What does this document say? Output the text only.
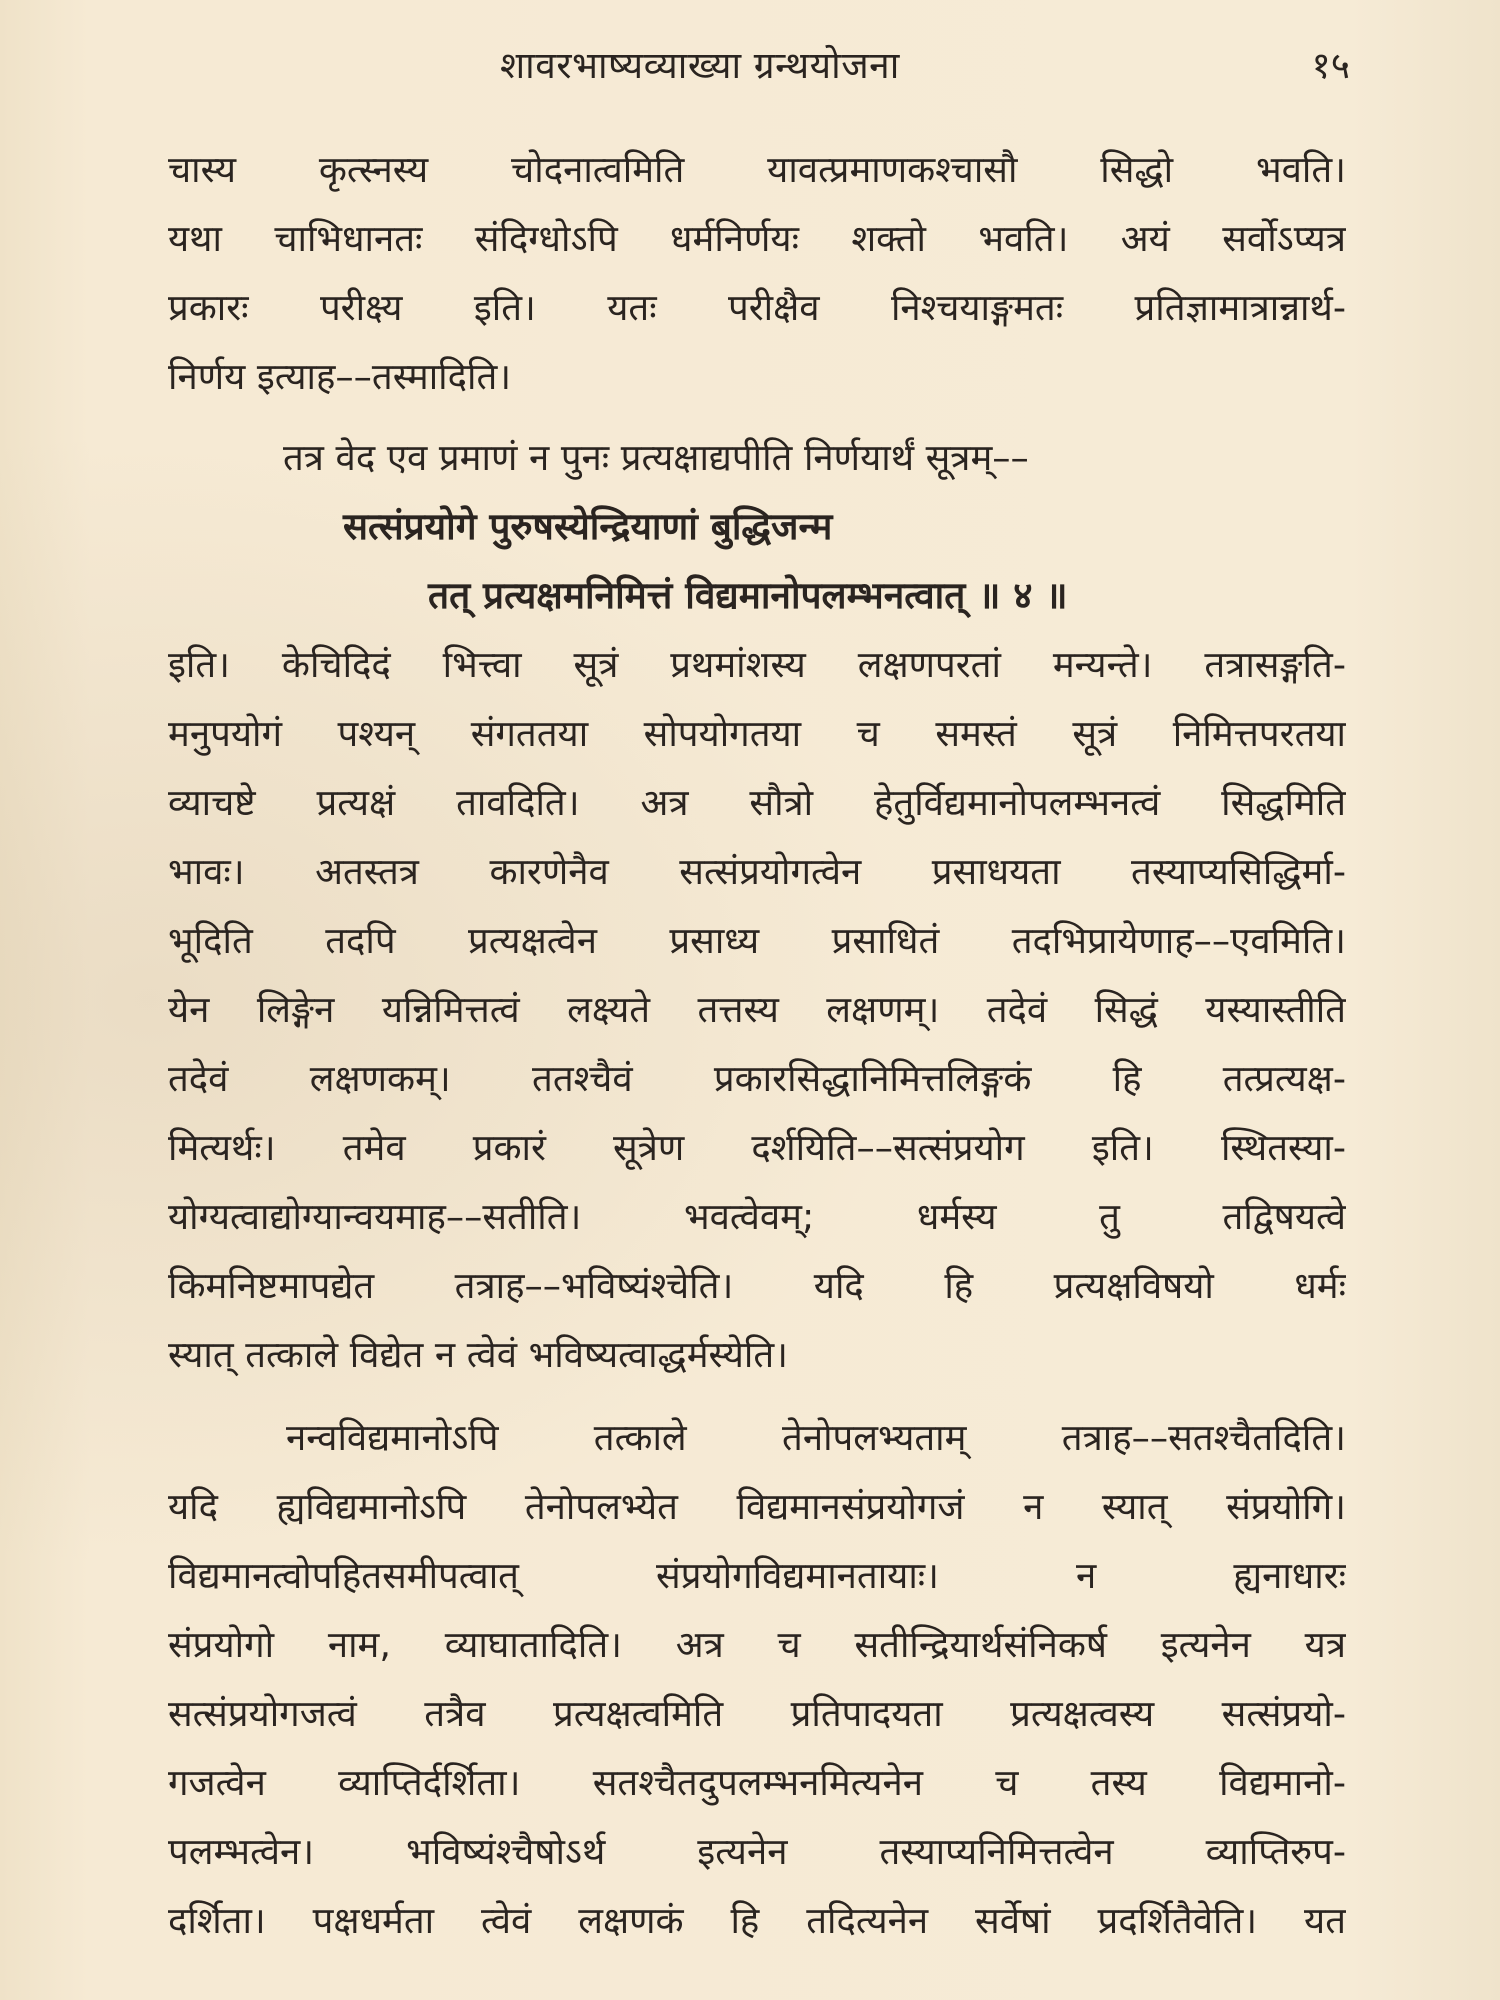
शावरभाष्यव्याख्या ग्रन्थयोजना	१५
चास्य कृत्स्नस्य चोदनात्वमिति यावत्प्रमाणकश्चासौ सिद्धो भवति।
यथा चाभिधानतः संदिग्धोऽपि धर्मनिर्णयः शक्तो भवति। अयं सर्वोऽप्यत्र
प्रकारः परीक्ष्य इति। यतः परीक्षैव निश्चयाङ्गमतः प्रतिज्ञामात्रान्नार्थ-
निर्णय इत्याह––तस्मादिति।
तत्र वेद एव प्रमाणं न पुनः प्रत्यक्षाद्यपीति निर्णयार्थं सूत्रम्––
सत्संप्रयोगे पुरुषस्येन्द्रियाणां बुद्धिजन्म
तत् प्रत्यक्षमनिमित्तं विद्यमानोपलम्भनत्वात् ॥ ४ ॥
इति। केचिदिदं भित्त्वा सूत्रं प्रथमांशस्य लक्षणपरतां मन्यन्ते। तत्रासङ्गति-
मनुपयोगं पश्यन् संगततया सोपयोगतया च समस्तं सूत्रं निमित्तपरतया
व्याचष्टे प्रत्यक्षं तावदिति। अत्र सौत्रो हेतुर्विद्यमानोपलम्भनत्वं सिद्धमिति
भावः। अतस्तत्र कारणेनैव सत्संप्रयोगत्वेन प्रसाधयता तस्याप्यसिद्धिर्मा-
भूदिति तदपि प्रत्यक्षत्वेन प्रसाध्य प्रसाधितं तदभिप्रायेणाह––एवमिति।
येन लिङ्गेन यन्निमित्तत्वं लक्ष्यते तत्तस्य लक्षणम्। तदेवं सिद्धं यस्यास्तीति
तदेवं लक्षणकम्। ततश्चैवं प्रकारसिद्धानिमित्तलिङ्गकं हि तत्प्रत्यक्ष-
मित्यर्थः। तमेव प्रकारं सूत्रेण दर्शयिति––सत्संप्रयोग इति। स्थितस्या-
योग्यत्वाद्योग्यान्वयमाह––सतीति। भवत्वेवम्; धर्मस्य तु तद्विषयत्वे
किमनिष्टमापद्येत तत्राह––भविष्यंश्चेति। यदि हि प्रत्यक्षविषयो धर्मः
स्यात् तत्काले विद्येत न त्वेवं भविष्यत्वाद्धर्मस्येति।
नन्वविद्यमानोऽपि तत्काले तेनोपलभ्यताम् तत्राह––सतश्चैतदिति।
यदि ह्यविद्यमानोऽपि तेनोपलभ्येत विद्यमानसंप्रयोगजं न स्यात् संप्रयोगि।
विद्यमानत्वोपहितसमीपत्वात् संप्रयोगविद्यमानतायाः। न ह्यनाधारः
संप्रयोगो नाम, व्याघातादिति। अत्र च सतीन्द्रियार्थसंनिकर्ष इत्यनेन यत्र
सत्संप्रयोगजत्वं तत्रैव प्रत्यक्षत्वमिति प्रतिपादयता प्रत्यक्षत्वस्य सत्संप्रयो-
गजत्वेन व्याप्तिर्दर्शिता। सतश्चैतदुपलम्भनमित्यनेन च तस्य विद्यमानो-
पलम्भत्वेन। भविष्यंश्चैषोऽर्थ इत्यनेन तस्याप्यनिमित्तत्वेन व्याप्तिरुप-
दर्शिता। पक्षधर्मता त्वेवं लक्षणकं हि तदित्यनेन सर्वेषां प्रदर्शितैवेति। यत
